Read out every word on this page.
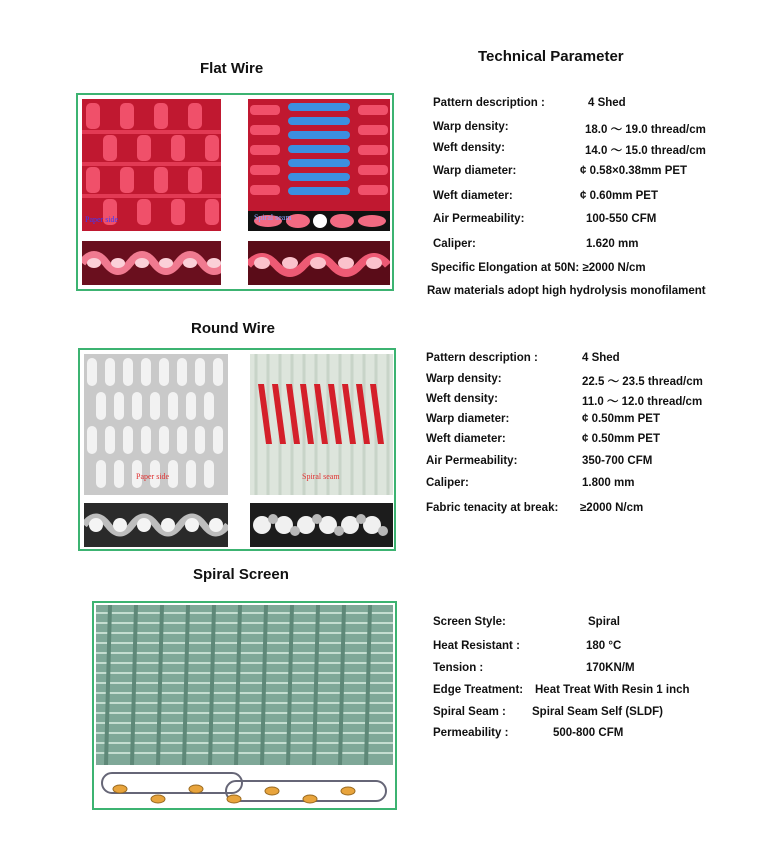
Flat Wire
Technical Parameter
Round Wire
Spiral Screen
Paper side	Spiral seam
Pattern description :	4 Shed
Warp density:	18.0 ～ 19.0 thread/cm
Weft density:	14.0 ～ 15.0 thread/cm
Warp diameter:	¢ 0.58×0.38mm PET
Weft diameter:	¢ 0.60mm PET
Air Permeability:	100-550 CFM
Caliper:	1.620 mm
Specific Elongation at 50N: ≥2000 N/cm
Raw materials adopt high hydrolysis monofilament
Paper side	Spiral seam
Pattern description :	4 Shed
Warp density:	22.5 ～ 23.5 thread/cm
Weft density:	11.0 ～ 12.0 thread/cm
Warp diameter:	¢ 0.50mm PET
Weft diameter:	¢ 0.50mm PET
Air Permeability:	350-700 CFM
Caliper:	1.800 mm
Fabric tenacity at break: ≥2000 N/cm
Screen Style:	Spiral
Heat Resistant :	180 °C
Tension :	170KN/M
Edge Treatment: Heat Treat With Resin 1 inch
Spiral Seam : Spiral Seam Self (SLDF)
Permeability :	500-800 CFM
